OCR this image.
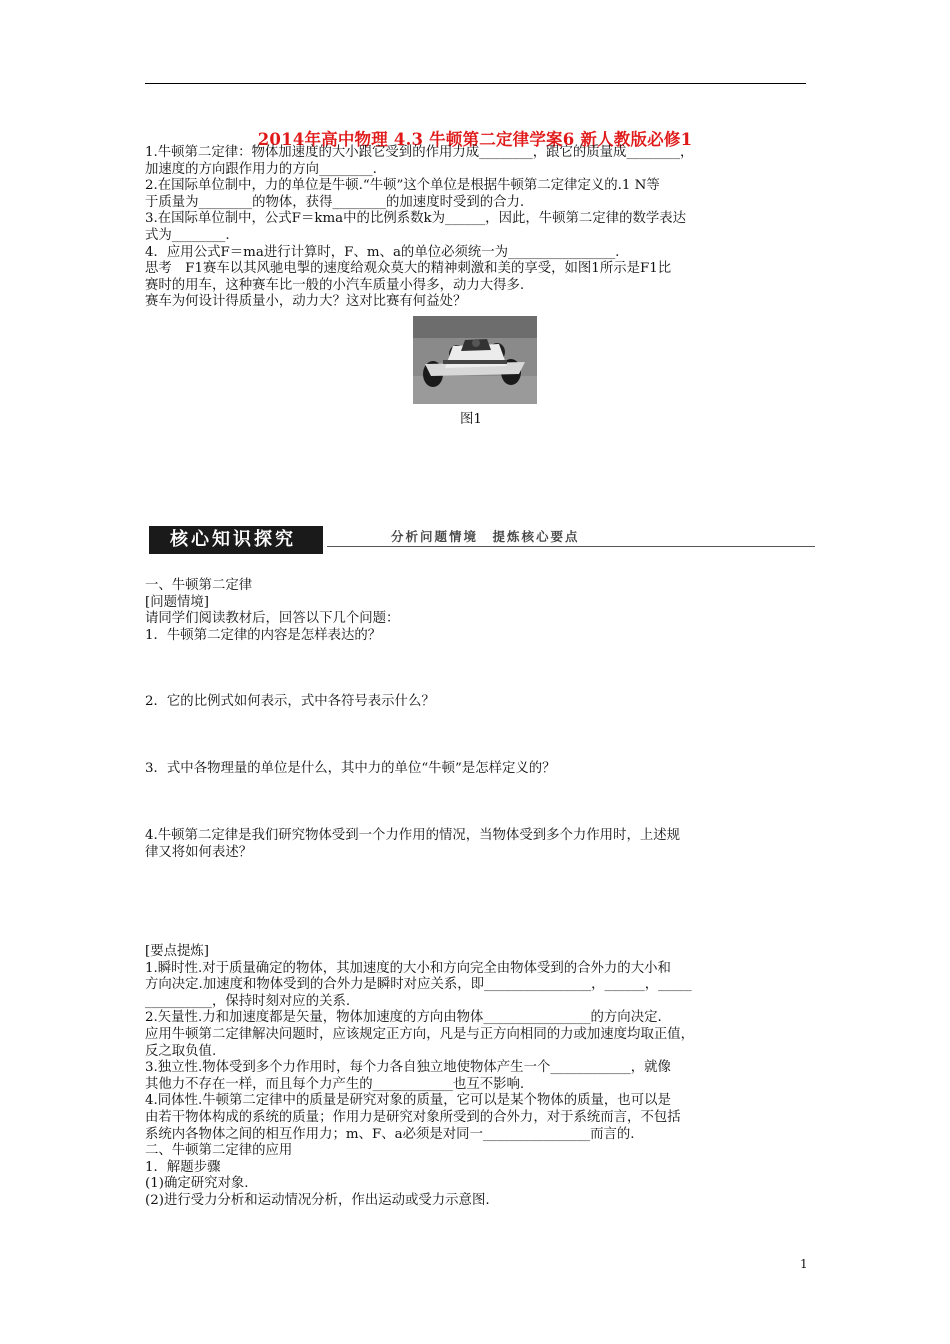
2014年高中物理 4.3 牛顿第二定律学案6 新人教版必修1
1.牛顿第二定律：物体加速度的大小跟它受到的作用力成________，跟它的质量成________，
加速度的方向跟作用力的方向________.
2.在国际单位制中，力的单位是牛顿.“牛顿”这个单位是根据牛顿第二定律定义的.1 N等
于质量为________的物体，获得________的加速度时受到的合力.
3.在国际单位制中，公式F＝kma中的比例系数k为______，因此，牛顿第二定律的数学表达
式为________.
4．应用公式F＝ma进行计算时，F、m、a的单位必须统一为________________.
思考　F1赛车以其风驰电掣的速度给观众莫大的精神刺激和美的享受，如图1所示是F1比
赛时的用车，这种赛车比一般的小汽车质量小得多，动力大得多.
赛车为何设计得质量小，动力大？这对比赛有何益处？
图1
核心知识探究	分析问题情境　提炼核心要点
一、牛顿第二定律
[问题情境]
请同学们阅读教材后，回答以下几个问题：
1．牛顿第二定律的内容是怎样表达的？
2．它的比例式如何表示，式中各符号表示什么？
3．式中各物理量的单位是什么，其中力的单位“牛顿”是怎样定义的？
4.牛顿第二定律是我们研究物体受到一个力作用的情况，当物体受到多个力作用时，上述规
律又将如何表述？
[要点提炼]
1.瞬时性.对于质量确定的物体，其加速度的大小和方向完全由物体受到的合外力的大小和
方向决定.加速度和物体受到的合外力是瞬时对应关系，即________________，______，_____
__________，保持时刻对应的关系.
2.矢量性.力和加速度都是矢量，物体加速度的方向由物体________________的方向决定.
应用牛顿第二定律解决问题时，应该规定正方向，凡是与正方向相同的力或加速度均取正值，
反之取负值.
3.独立性.物体受到多个力作用时，每个力各自独立地使物体产生一个____________，就像
其他力不存在一样，而且每个力产生的____________也互不影响.
4.同体性.牛顿第二定律中的质量是研究对象的质量，它可以是某个物体的质量，也可以是
由若干物体构成的系统的质量；作用力是研究对象所受到的合外力，对于系统而言，不包括
系统内各物体之间的相互作用力；m、F、a必须是对同一________________而言的.
二、牛顿第二定律的应用
1．解题步骤
(1)确定研究对象.
(2)进行受力分析和运动情况分析，作出运动或受力示意图.
1
